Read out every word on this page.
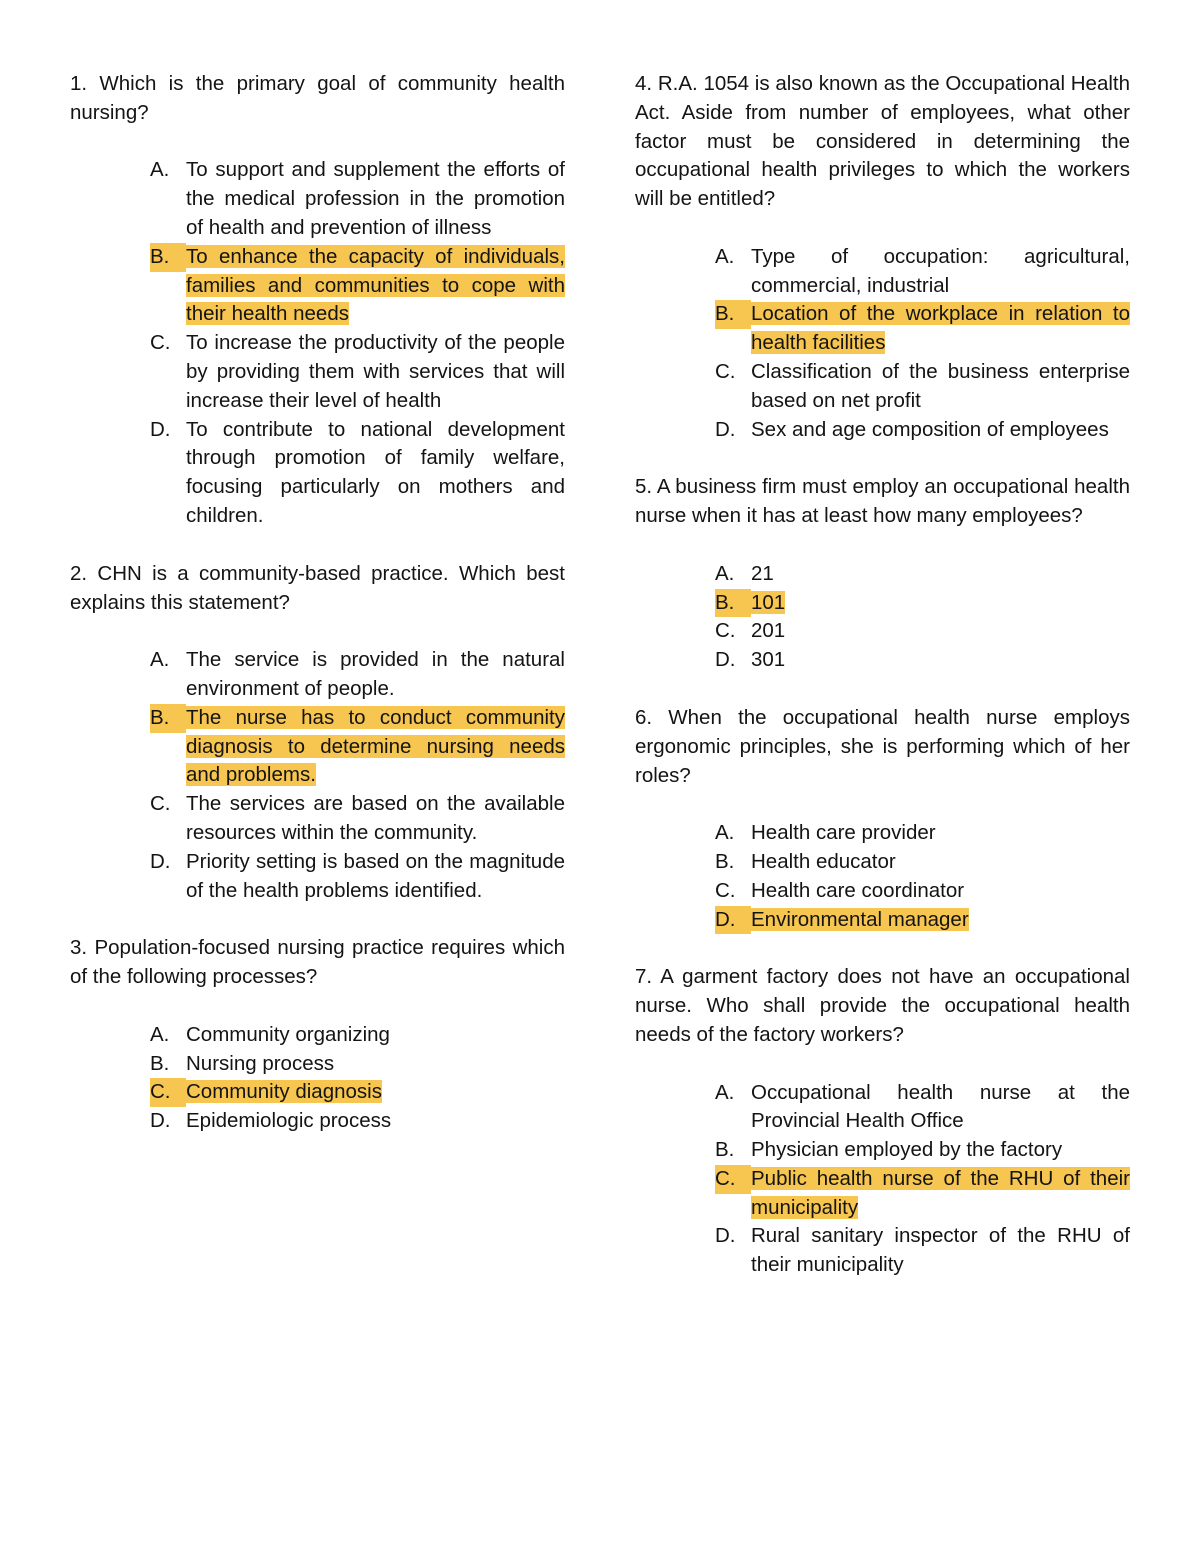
1. Which is the primary goal of community health nursing?
A. To support and supplement the efforts of the medical profession in the promotion of health and prevention of illness
B. To enhance the capacity of individuals, families and communities to cope with their health needs
C. To increase the productivity of the people by providing them with services that will increase their level of health
D. To contribute to national development through promotion of family welfare, focusing particularly on mothers and children.
2. CHN is a community-based practice. Which best explains this statement?
A. The service is provided in the natural environment of people.
B. The nurse has to conduct community diagnosis to determine nursing needs and problems.
C. The services are based on the available resources within the community.
D. Priority setting is based on the magnitude of the health problems identified.
3. Population-focused nursing practice requires which of the following processes?
A. Community organizing
B. Nursing process
C. Community diagnosis
D. Epidemiologic process
4. R.A. 1054 is also known as the Occupational Health Act. Aside from number of employees, what other factor must be considered in determining the occupational health privileges to which the workers will be entitled?
A. Type of occupation: agricultural, commercial, industrial
B. Location of the workplace in relation to health facilities
C. Classification of the business enterprise based on net profit
D. Sex and age composition of employees
5. A business firm must employ an occupational health nurse when it has at least how many employees?
A. 21
B. 101
C. 201
D. 301
6. When the occupational health nurse employs ergonomic principles, she is performing which of her roles?
A. Health care provider
B. Health educator
C. Health care coordinator
D. Environmental manager
7. A garment factory does not have an occupational nurse. Who shall provide the occupational health needs of the factory workers?
A. Occupational health nurse at the Provincial Health Office
B. Physician employed by the factory
C. Public health nurse of the RHU of their municipality
D. Rural sanitary inspector of the RHU of their municipality
